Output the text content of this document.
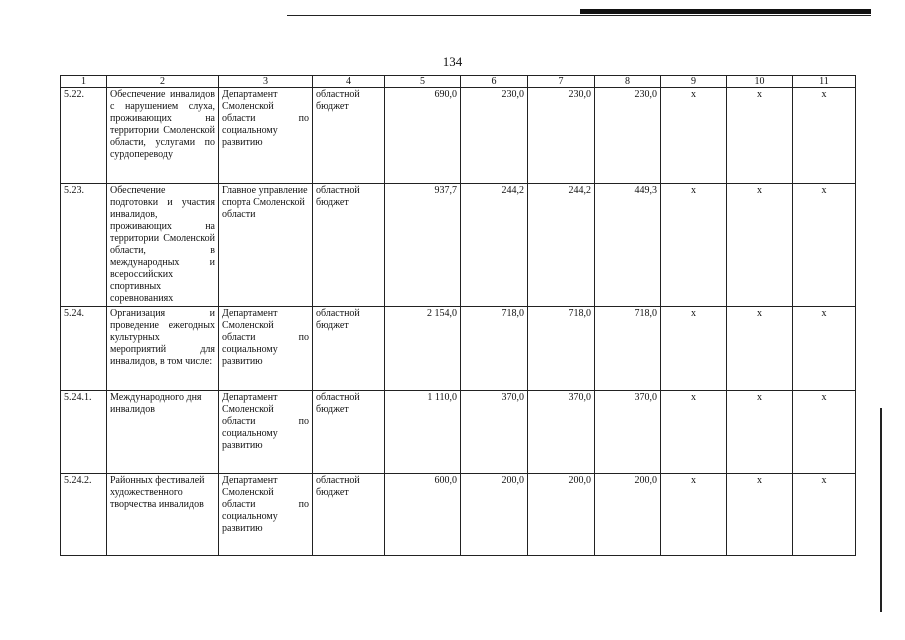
134
1	2	3	4	5	6	7	8	9	10	11
5.22.	Обеспечение инвалидов с нарушением слуха, проживающих на территории Смоленской области, услугами по сурдопереводу	Департамент Смоленской области по социальному развитию	областной бюджет	690,0	230,0	230,0	230,0	х	х	х
5.23.	Обеспечение подготовки и участия инвалидов, проживающих на территории Смоленской области, в международных и всероссийских спортивных соревнованиях	Главное управление спорта Смоленской области	областной бюджет	937,7	244,2	244,2	449,3	х	х	х
5.24.	Организация и проведение ежегодных культурных мероприятий для инвалидов, в том числе:	Департамент Смоленской области по социальному развитию	областной бюджет	2 154,0	718,0	718,0	718,0	х	х	х
5.24.1.	Международного дня инвалидов	Департамент Смоленской области по социальному развитию	областной бюджет	1 110,0	370,0	370,0	370,0	х	х	х
5.24.2.	Районных фестивалей художественного творчества инвалидов	Департамент Смоленской области по социальному развитию	областной бюджет	600,0	200,0	200,0	200,0	х	х	х
